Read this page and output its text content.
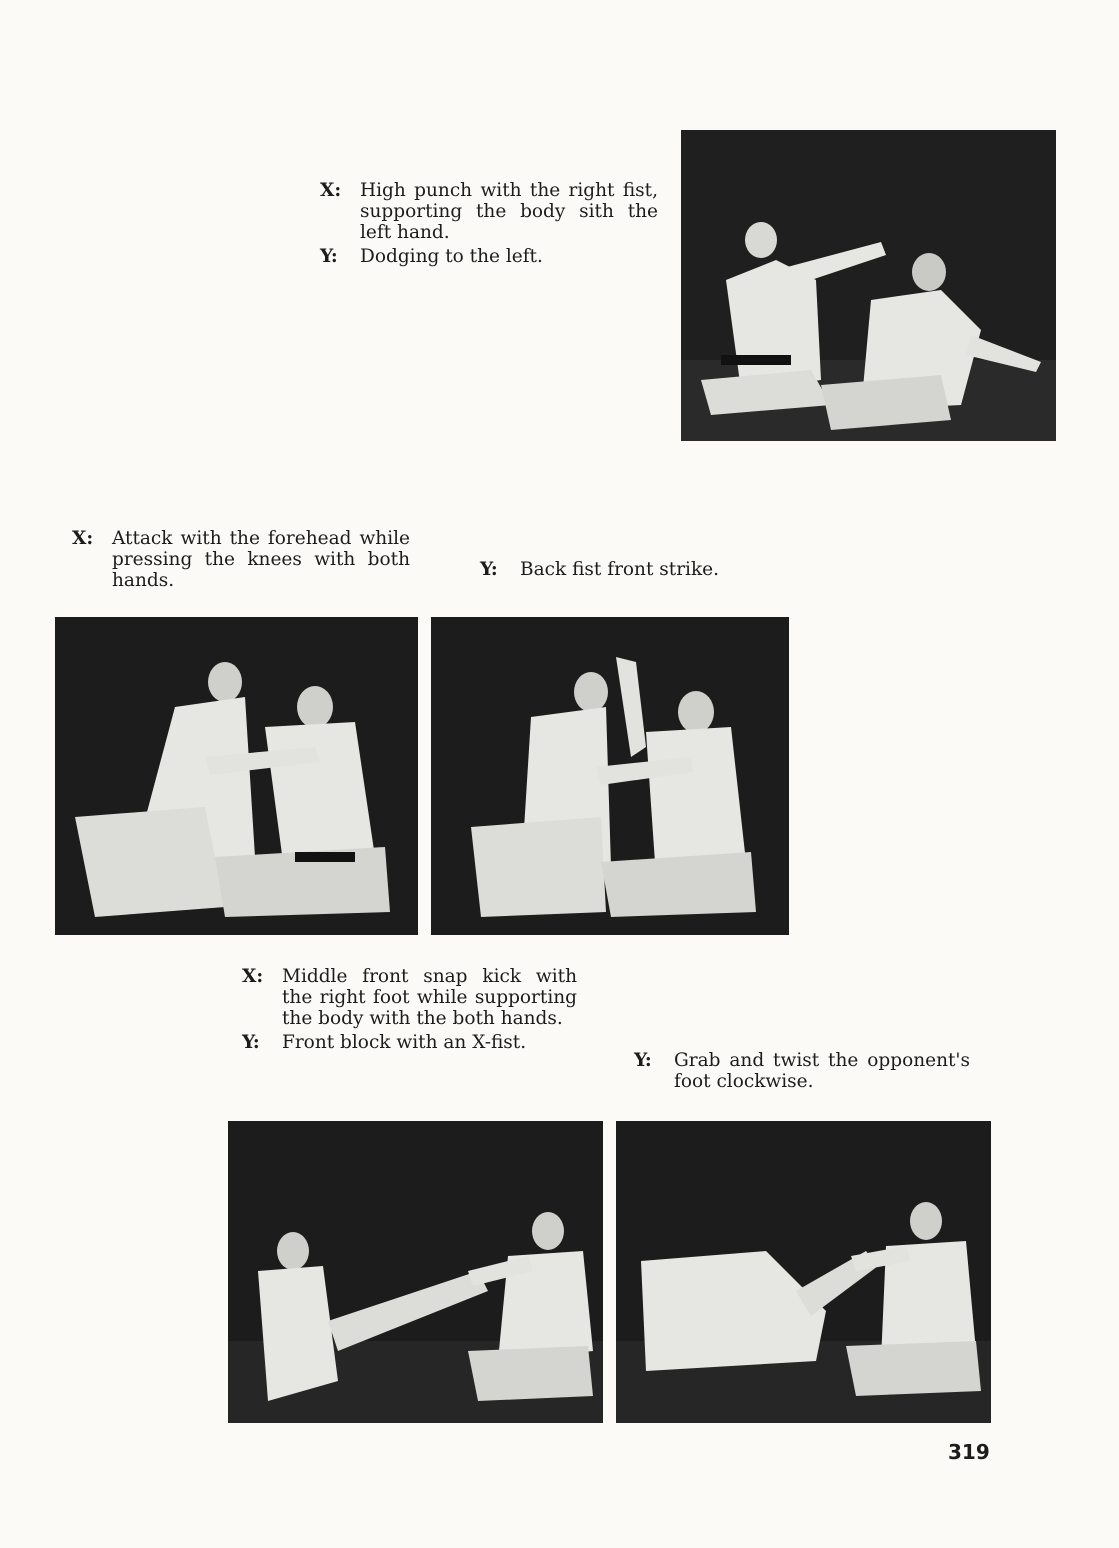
X:	High punch with the right fist, supporting the body sith the left hand.
Y:	Dodging to the left.
X:	Attack with the forehead while pressing the knees with both hands.
Y:	Back fist front strike.
X:	Middle front snap kick with the right foot while supporting the body with the both hands.
Y:	Front block with an X-fist.
Y:	Grab and twist the opponent's foot clockwise.
319
